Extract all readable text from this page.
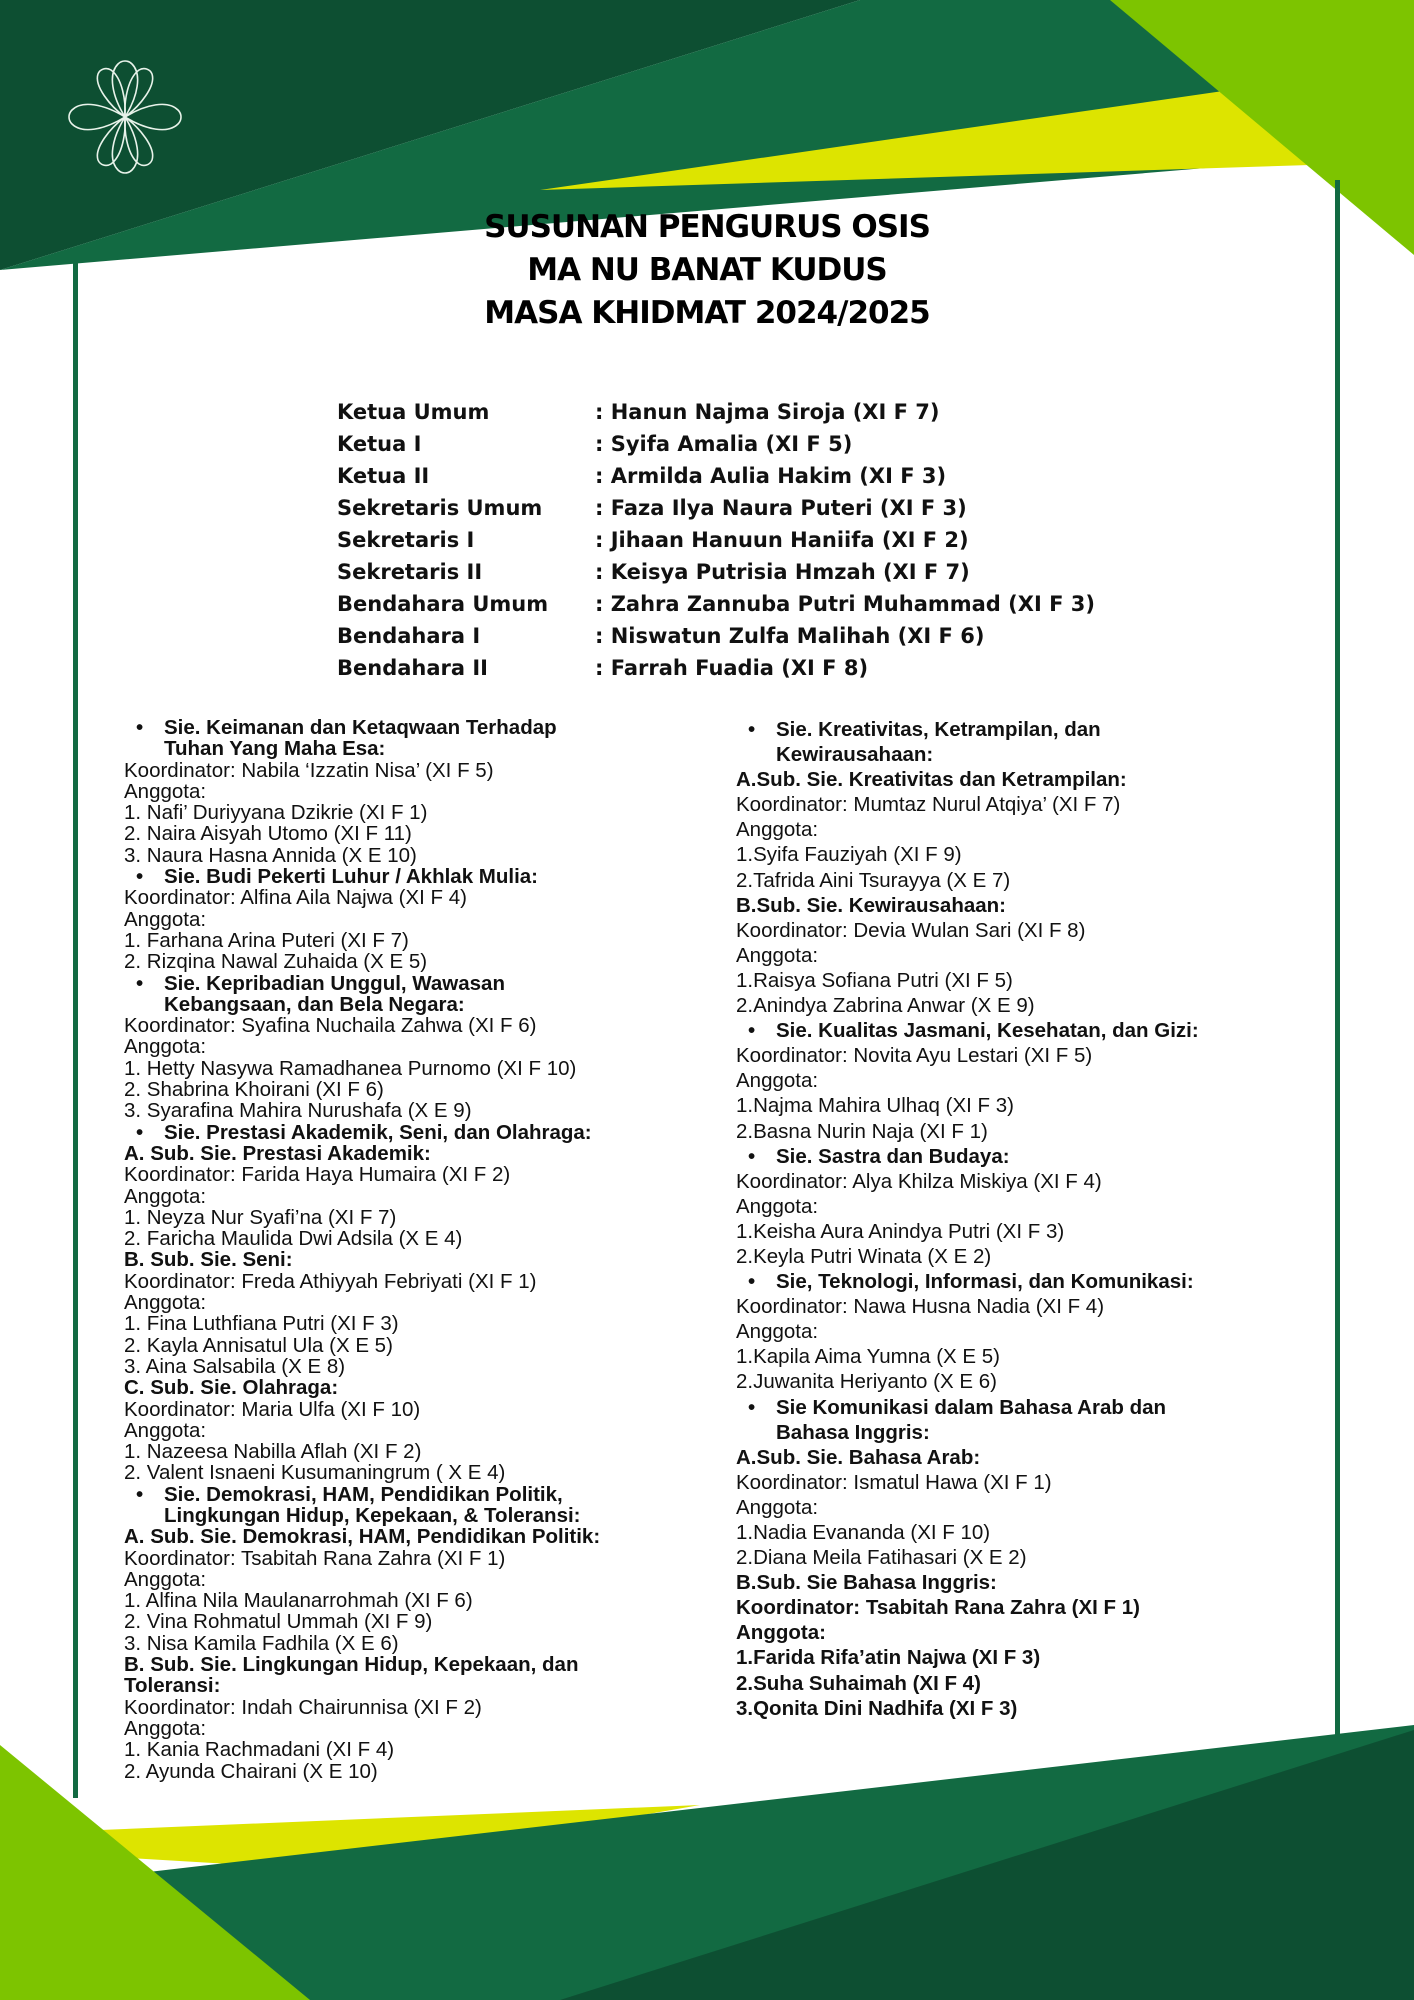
SUSUNAN PENGURUS OSIS
MA NU BANAT KUDUS
MASA KHIDMAT 2024/2025
Ketua Umum	: Hanun Najma Siroja (XI F 7)
Ketua I	: Syifa Amalia (XI F 5)
Ketua II	: Armilda Aulia Hakim (XI F 3)
Sekretaris Umum	: Faza Ilya Naura Puteri (XI F 3)
Sekretaris I	: Jihaan Hanuun Haniifa (XI F 2)
Sekretaris II	: Keisya Putrisia Hmzah (XI F 7)
Bendahara Umum	: Zahra Zannuba Putri Muhammad (XI F 3)
Bendahara I	: Niswatun Zulfa Malihah (XI F 6)
Bendahara II	: Farrah Fuadia (XI F 8)
• Sie. Keimanan dan Ketaqwaan Terhadap
Tuhan Yang Maha Esa:
Koordinator: Nabila ‘Izzatin Nisa’ (XI F 5)
Anggota:
1. Nafi’ Duriyyana Dzikrie (XI F 1)
2. Naira Aisyah Utomo (XI F 11)
3. Naura Hasna Annida (X E 10)
• Sie. Budi Pekerti Luhur / Akhlak Mulia:
Koordinator: Alfina Aila Najwa (XI F 4)
Anggota:
1. Farhana Arina Puteri (XI F 7)
2. Rizqina Nawal Zuhaida (X E 5)
• Sie. Kepribadian Unggul, Wawasan
Kebangsaan, dan Bela Negara:
Koordinator: Syafina Nuchaila Zahwa (XI F 6)
Anggota:
1. Hetty Nasywa Ramadhanea Purnomo (XI F 10)
2. Shabrina Khoirani (XI F 6)
3. Syarafina Mahira Nurushafa (X E 9)
• Sie. Prestasi Akademik, Seni, dan Olahraga:
A. Sub. Sie. Prestasi Akademik:
Koordinator: Farida Haya Humaira (XI F 2)
Anggota:
1. Neyza Nur Syafi’na (XI F 7)
2. Faricha Maulida Dwi Adsila (X E 4)
B. Sub. Sie. Seni:
Koordinator: Freda Athiyyah Febriyati (XI F 1)
Anggota:
1. Fina Luthfiana Putri (XI F 3)
2. Kayla Annisatul Ula (X E 5)
3. Aina Salsabila (X E 8)
C. Sub. Sie. Olahraga:
Koordinator: Maria Ulfa (XI F 10)
Anggota:
1. Nazeesa Nabilla Aflah (XI F 2)
2. Valent Isnaeni Kusumaningrum ( X E 4)
• Sie. Demokrasi, HAM, Pendidikan Politik,
Lingkungan Hidup, Kepekaan, & Toleransi:
A. Sub. Sie. Demokrasi, HAM, Pendidikan Politik:
Koordinator: Tsabitah Rana Zahra (XI F 1)
Anggota:
1. Alfina Nila Maulanarrohmah (XI F 6)
2. Vina Rohmatul Ummah (XI F 9)
3. Nisa Kamila Fadhila (X E 6)
B. Sub. Sie. Lingkungan Hidup, Kepekaan, dan
Toleransi:
Koordinator: Indah Chairunnisa (XI F 2)
Anggota:
1. Kania Rachmadani (XI F 4)
2. Ayunda Chairani (X E 10)
• Sie. Kreativitas, Ketrampilan, dan
Kewirausahaan:
A.Sub. Sie. Kreativitas dan Ketrampilan:
Koordinator: Mumtaz Nurul Atqiya’ (XI F 7)
Anggota:
1.Syifa Fauziyah (XI F 9)
2.Tafrida Aini Tsurayya (X E 7)
B.Sub. Sie. Kewirausahaan:
Koordinator: Devia Wulan Sari (XI F 8)
Anggota:
1.Raisya Sofiana Putri (XI F 5)
2.Anindya Zabrina Anwar (X E 9)
• Sie. Kualitas Jasmani, Kesehatan, dan Gizi:
Koordinator: Novita Ayu Lestari (XI F 5)
Anggota:
1.Najma Mahira Ulhaq (XI F 3)
2.Basna Nurin Naja (XI F 1)
• Sie. Sastra dan Budaya:
Koordinator: Alya Khilza Miskiya (XI F 4)
Anggota:
1.Keisha Aura Anindya Putri (XI F 3)
2.Keyla Putri Winata (X E 2)
• Sie, Teknologi, Informasi, dan Komunikasi:
Koordinator: Nawa Husna Nadia (XI F 4)
Anggota:
1.Kapila Aima Yumna (X E 5)
2.Juwanita Heriyanto (X E 6)
• Sie Komunikasi dalam Bahasa Arab dan
Bahasa Inggris:
A.Sub. Sie. Bahasa Arab:
Koordinator: Ismatul Hawa (XI F 1)
Anggota:
1.Nadia Evananda (XI F 10)
2.Diana Meila Fatihasari (X E 2)
B.Sub. Sie Bahasa Inggris:
Koordinator: Tsabitah Rana Zahra (XI F 1)
Anggota:
1.Farida Rifa’atin Najwa (XI F 3)
2.Suha Suhaimah (XI F 4)
3.Qonita Dini Nadhifa (XI F 3)
